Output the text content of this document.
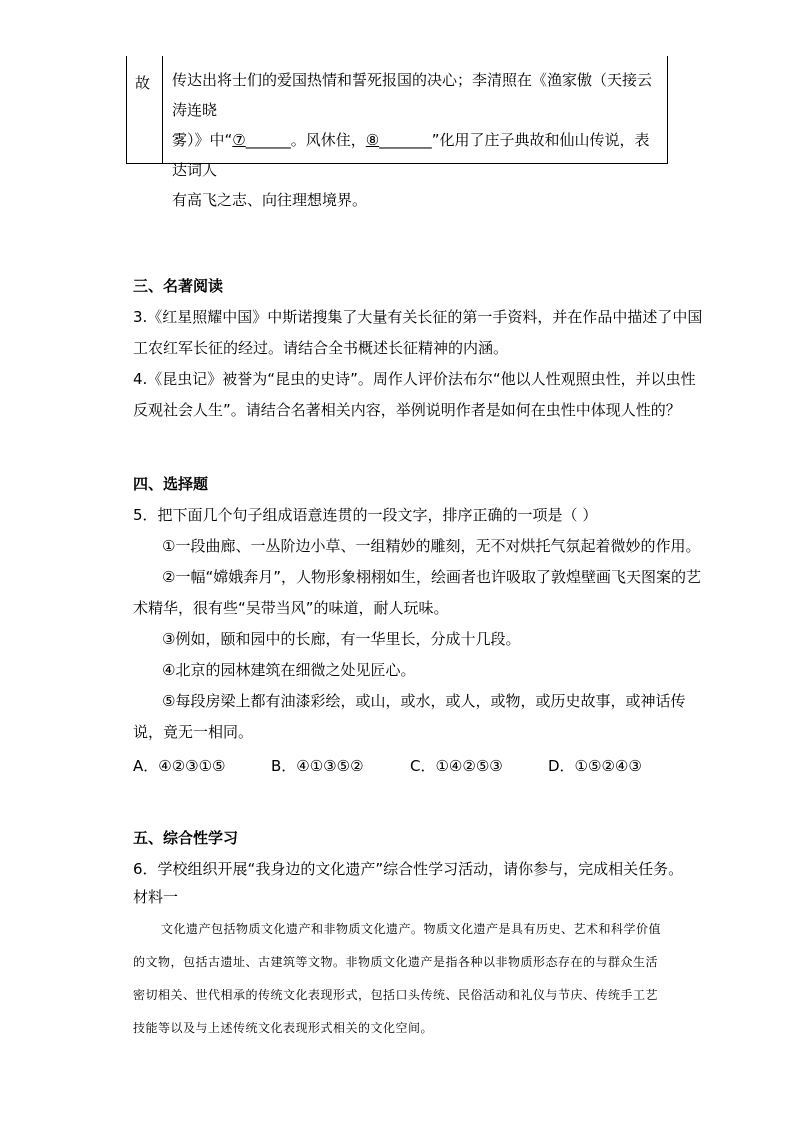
故	传达出将士们的爱国热情和誓死报国的决心；李清照在《渔家傲（天接云涛连晓
雾）》中“⑦______。风休住，⑧_______”化用了庄子典故和仙山传说，表达词人
有高飞之志、向往理想境界。
三、名著阅读
3.《红星照耀中国》中斯诺搜集了大量有关长征的第一手资料，并在作品中描述了中国
工农红军长征的经过。请结合全书概述长征精神的内涵。
4.《昆虫记》被誉为“昆虫的史诗”。周作人评价法布尔“他以人性观照虫性，并以虫性
反观社会人生”。请结合名著相关内容，举例说明作者是如何在虫性中体现人性的？
四、选择题
5．把下面几个句子组成语意连贯的一段文字，排序正确的一项是（ ）
①一段曲廊、一丛阶边小草、一组精妙的雕刻，无不对烘托气氛起着微妙的作用。
②一幅“嫦娥奔月”，人物形象栩栩如生，绘画者也许吸取了敦煌壁画飞天图案的艺
术精华，很有些“吴带当风”的味道，耐人玩味。
③例如，颐和园中的长廊，有一华里长，分成十几段。
④北京的园林建筑在细微之处见匠心。
⑤每段房梁上都有油漆彩绘，或山，或水，或人，或物，或历史故事，或神话传
说，竟无一相同。
A．④②③①⑤	B．④①③⑤②	C．①④②⑤③	D．①⑤②④③
五、综合性学习
6．学校组织开展“我身边的文化遗产”综合性学习活动，请你参与，完成相关任务。
材料一
文化遗产包括物质文化遗产和非物质文化遗产。物质文化遗产是具有历史、艺术和科学价值的文物，包括古遗址、古建筑等文物。非物质文化遗产是指各种以非物质形态存在的与群众生活密切相关、世代相承的传统文化表现形式，包括口头传统、民俗活动和礼仪与节庆、传统手工艺技能等以及与上述传统文化表现形式相关的文化空间。
